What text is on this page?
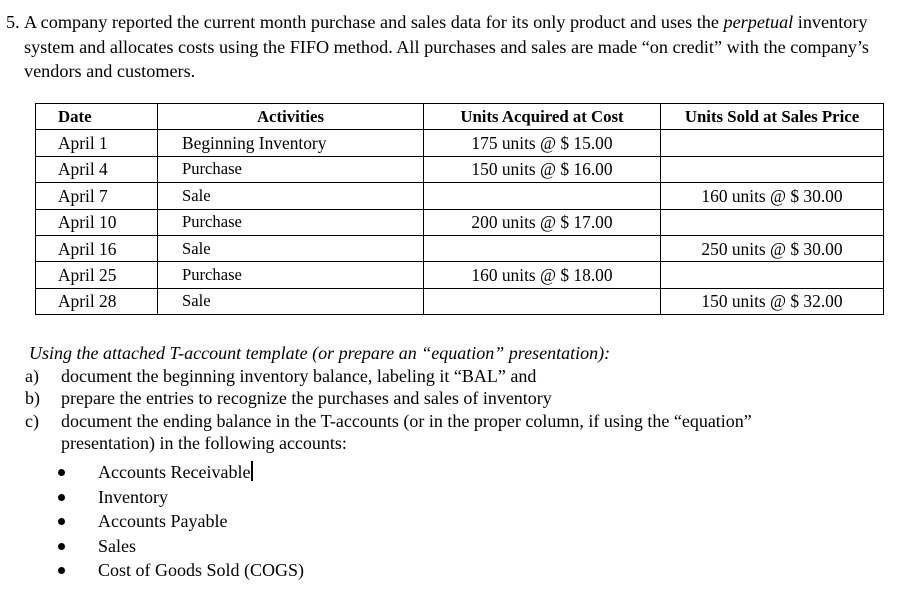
5. A company reported the current month purchase and sales data for its only product and uses the perpetual inventory system and allocates costs using the FIFO method. All purchases and sales are made “on credit” with the company’s vendors and customers.
Date	Activities	Units Acquired at Cost	Units Sold at Sales Price
April 1	Beginning Inventory	175 units @ $ 15.00	
April 4	Purchase	150 units @ $ 16.00	
April 7	Sale		160 units @ $ 30.00
April 10	Purchase	200 units @ $ 17.00	
April 16	Sale		250 units @ $ 30.00
April 25	Purchase	160 units @ $ 18.00	
April 28	Sale		150 units @ $ 32.00
Using the attached T-account template (or prepare an “equation” presentation):
a) document the beginning inventory balance, labeling it “BAL” and
b) prepare the entries to recognize the purchases and sales of inventory
c) document the ending balance in the T-accounts (or in the proper column, if using the “equation”
presentation) in the following accounts:
Accounts Receivable
Inventory
Accounts Payable
Sales
Cost of Goods Sold (COGS)
